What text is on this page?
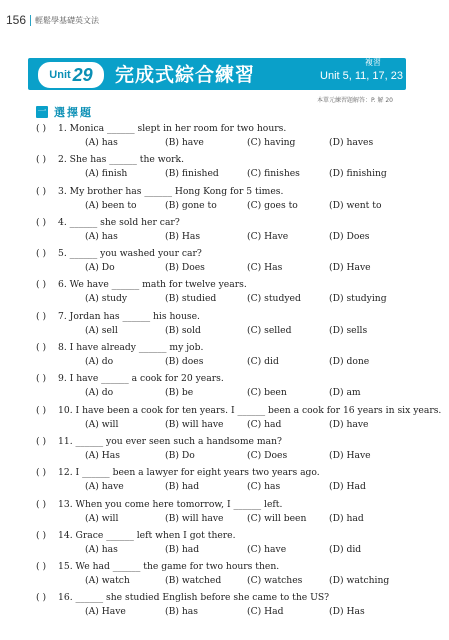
156 輕鬆學基礎英文法
Unit 29 完成式綜合練習
複習
Unit 5, 11, 17, 23
本單元練習題解答：P. 解 20
一 選擇題
( ) 1. Monica ______ slept in her room for two hours.
(A) has	(B) have	(C) having	(D) haves
( ) 2. She has ______ the work.
(A) finish	(B) finished	(C) finishes	(D) finishing
( ) 3. My brother has ______ Hong Kong for 5 times.
(A) been to	(B) gone to	(C) goes to	(D) went to
( ) 4. ______ she sold her car?
(A) has	(B) Has	(C) Have	(D) Does
( ) 5. ______ you washed your car?
(A) Do	(B) Does	(C) Has	(D) Have
( ) 6. We have ______ math for twelve years.
(A) study	(B) studied	(C) studyed	(D) studying
( ) 7. Jordan has ______ his house.
(A) sell	(B) sold	(C) selled	(D) sells
( ) 8. I have already ______ my job.
(A) do	(B) does	(C) did	(D) done
( ) 9. I have ______ a cook for 20 years.
(A) do	(B) be	(C) been	(D) am
( ) 10. I have been a cook for ten years. I ______ been a cook for 16 years in six years.
(A) will	(B) will have	(C) had	(D) have
( ) 11. ______ you ever seen such a handsome man?
(A) Has	(B) Do	(C) Does	(D) Have
( ) 12. I ______ been a lawyer for eight years two years ago.
(A) have	(B) had	(C) has	(D) Had
( ) 13. When you come here tomorrow, I ______ left.
(A) will	(B) will have	(C) will been (D) had
( ) 14. Grace ______ left when I got there.
(A) has	(B) had	(C) have	(D) did
( ) 15. We had ______ the game for two hours then.
(A) watch	(B) watched	(C) watches	(D) watching
( ) 16. ______ she studied English before she came to the US?
(A) Have	(B) has	(C) Had	(D) Has
